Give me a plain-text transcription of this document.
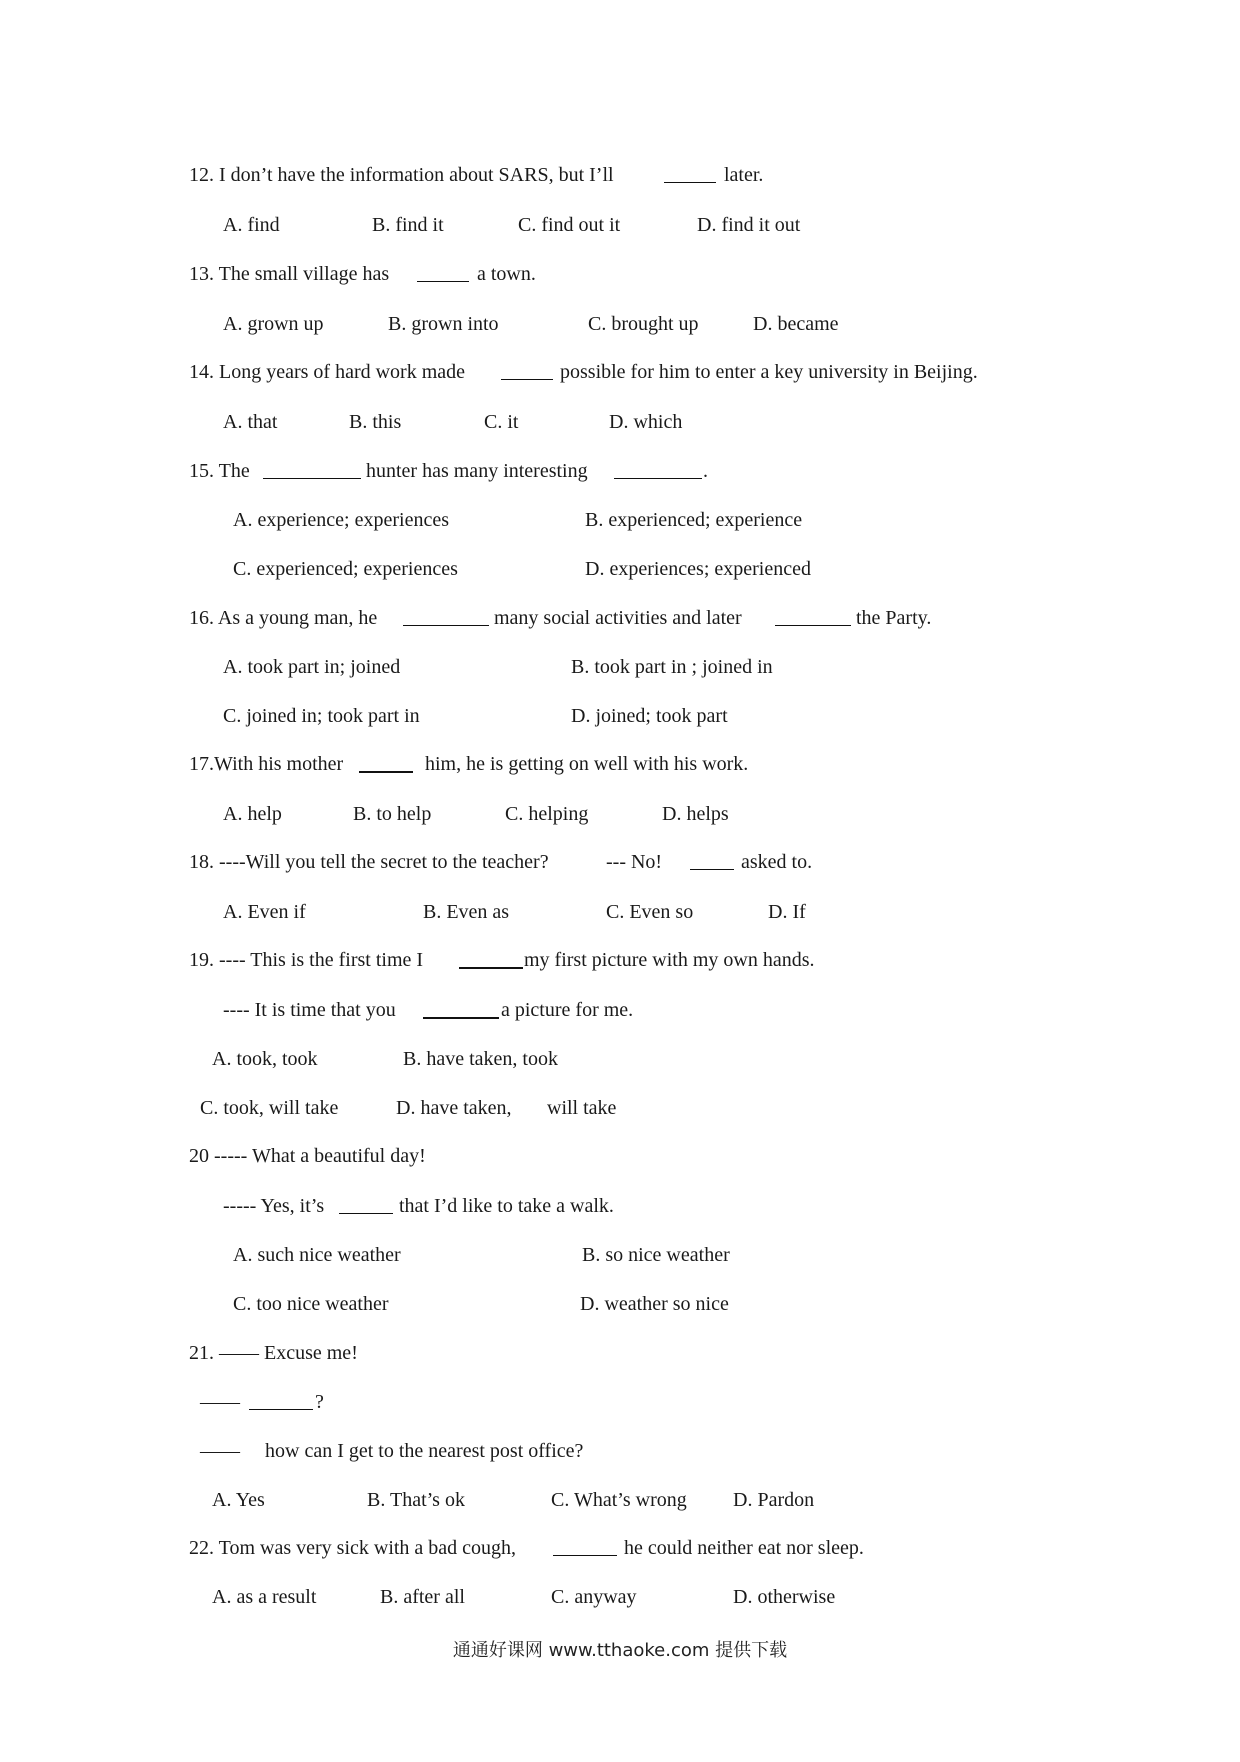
12. I don’t have the information about SARS, but I’ll

	later.

A. find

	B. find it

	C. find out it

	D. find it out

13. The small village has

	a town.

A. grown up

	B. grown into

	C. brought up

	D. became

14. Long years of hard work made

	possible for him to enter a key university in Beijing.

A. that

	B. this

	C. it

	D. which

15. The

	hunter has many interesting

	.

A. experience; experiences

	B. experienced; experience

C. experienced; experiences

	D. experiences; experienced

16. As a young man, he

	many social activities and later

	the Party.

A. took part in; joined

	B. took part in ; joined in

C. joined in; took part in

	D. joined; took part

17.With his mother

	him, he is getting on well with his work.

A. help

	B. to help

	C. helping

	D. helps

18. ----Will you tell the secret to the teacher?

	--- No!

	asked to.

A. Even if

	B. Even as

	C. Even so

	D. If

19. ---- This is the first time I

	my first picture with my own hands.

---- It is time that you

	a picture for me.

A. took, took

	B. have taken, took

C. took, will take

	D. have taken,

will take

20 ----- What a beautiful day!

----- Yes, it’s

	that I’d like to take a walk.

A. such nice weather

	B. so nice weather

C. too nice weather

	D. weather so nice

21. —— Excuse me!

——

	?

——

how can I get to the nearest post office?

A. Yes

	B. That’s ok

	C. What’s wrong

D. Pardon

22. Tom was very sick with a bad cough,

	he could neither eat nor sleep.

A. as a result

	B. after all

	C. anyway

	D. otherwise

通通好课网 www.tthaoke.com 提供下载
